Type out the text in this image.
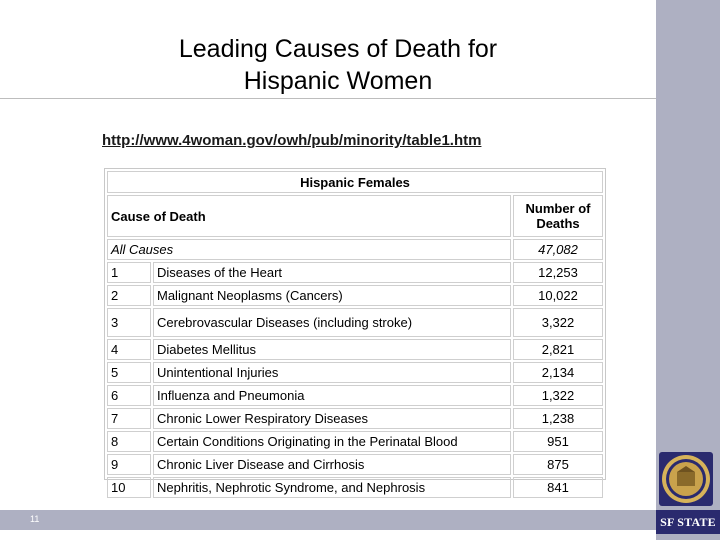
11	SF STATE
Leading Causes of Death for
Hispanic Women
http://www.4woman.gov/owh/pub/minority/table1.htm
Hispanic Females		
Cause of Death		Number of Deaths
All Causes		47,082
1	Diseases of the Heart	12,253
2	Malignant Neoplasms (Cancers)	10,022
3	Cerebrovascular Diseases (including stroke)	3,322
4	Diabetes Mellitus	2,821
5	Unintentional Injuries	2,134
6	Influenza and Pneumonia	1,322
7	Chronic Lower Respiratory Diseases	1,238
8	Certain Conditions Originating in the Perinatal Blood	951
9	Chronic Liver Disease and Cirrhosis	875
10	Nephritis, Nephrotic Syndrome, and Nephrosis	841
